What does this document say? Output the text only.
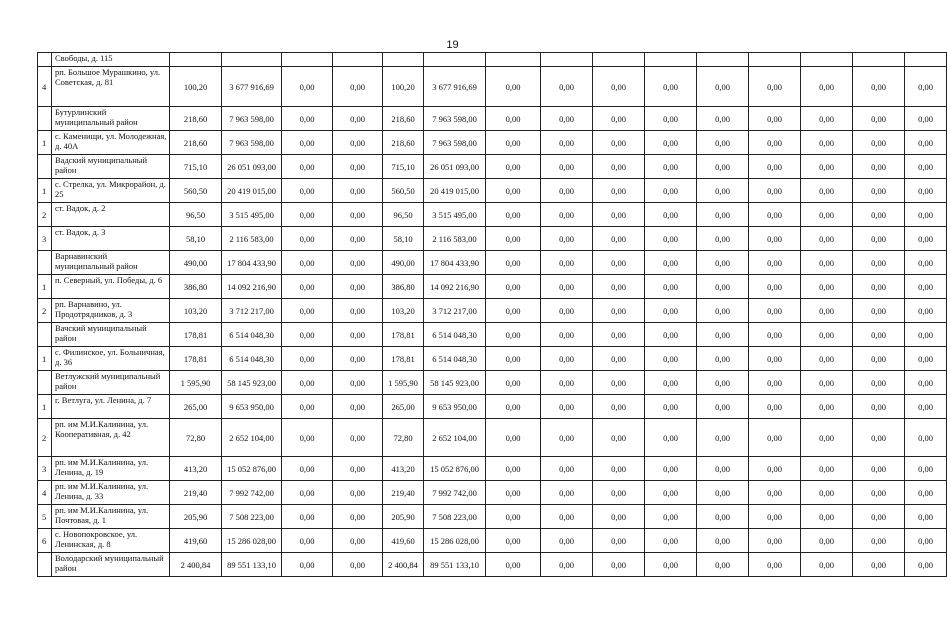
19
	Свободы, д. 115																
4	рп. Большое Мурашкино, ул. Советская, д. 81	100,20	3 677 916,69	0,00	0,00	100,20	3 677 916,69	0,00	0,00	0,00	0,00	0,00	0,00	0,00	0,00	0,00	
	Бутурлинский муниципальный район	218,60	7 963 598,00	0,00	0,00	218,60	7 963 598,00	0,00	0,00	0,00	0,00	0,00	0,00	0,00	0,00	0,00	
1	с. Каменищи, ул. Молодежная, д. 40А	218,60	7 963 598,00	0,00	0,00	218,60	7 963 598,00	0,00	0,00	0,00	0,00	0,00	0,00	0,00	0,00	0,00	
	Вадский муниципальный район	715,10	26 051 093,00	0,00	0,00	715,10	26 051 093,00	0,00	0,00	0,00	0,00	0,00	0,00	0,00	0,00	0,00	
1	с. Стрелка, ул. Микрорайон, д. 25	560,50	20 419 015,00	0,00	0,00	560,50	20 419 015,00	0,00	0,00	0,00	0,00	0,00	0,00	0,00	0,00	0,00	
2	ст. Вадок, д. 2	96,50	3 515 495,00	0,00	0,00	96,50	3 515 495,00	0,00	0,00	0,00	0,00	0,00	0,00	0,00	0,00	0,00	
3	ст. Вадок, д. 3	58,10	2 116 583,00	0,00	0,00	58,10	2 116 583,00	0,00	0,00	0,00	0,00	0,00	0,00	0,00	0,00	0,00	
	Варнавинский муниципальный район	490,00	17 804 433,90	0,00	0,00	490,00	17 804 433,90	0,00	0,00	0,00	0,00	0,00	0,00	0,00	0,00	0,00	
1	п. Северный, ул. Победы, д. 6	386,80	14 092 216,90	0,00	0,00	386,80	14 092 216,90	0,00	0,00	0,00	0,00	0,00	0,00	0,00	0,00	0,00	
2	рп. Варнавино, ул. Продотрядников, д. 3	103,20	3 712 217,00	0,00	0,00	103,20	3 712 217,00	0,00	0,00	0,00	0,00	0,00	0,00	0,00	0,00	0,00	
	Вачский муниципальный район	178,81	6 514 048,30	0,00	0,00	178,81	6 514 048,30	0,00	0,00	0,00	0,00	0,00	0,00	0,00	0,00	0,00	
1	с. Филинское, ул. Больничная, д. 36	178,81	6 514 048,30	0,00	0,00	178,81	6 514 048,30	0,00	0,00	0,00	0,00	0,00	0,00	0,00	0,00	0,00	
	Ветлужский муниципальный район	1 595,90	58 145 923,00	0,00	0,00	1 595,90	58 145 923,00	0,00	0,00	0,00	0,00	0,00	0,00	0,00	0,00	0,00	
1	г. Ветлуга, ул. Ленина, д. 7	265,00	9 653 950,00	0,00	0,00	265,00	9 653 950,00	0,00	0,00	0,00	0,00	0,00	0,00	0,00	0,00	0,00	
2	рп. им М.И.Калинина, ул. Кооперативная, д. 42	72,80	2 652 104,00	0,00	0,00	72,80	2 652 104,00	0,00	0,00	0,00	0,00	0,00	0,00	0,00	0,00	0,00	
3	рп. им М.И.Калинина, ул. Ленина, д. 19	413,20	15 052 876,00	0,00	0,00	413,20	15 052 876,00	0,00	0,00	0,00	0,00	0,00	0,00	0,00	0,00	0,00	
4	рп. им М.И.Калинина, ул. Ленина, д. 33	219,40	7 992 742,00	0,00	0,00	219,40	7 992 742,00	0,00	0,00	0,00	0,00	0,00	0,00	0,00	0,00	0,00	
5	рп. им М.И.Калинина, ул. Почтовая, д. 1	205,90	7 508 223,00	0,00	0,00	205,90	7 508 223,00	0,00	0,00	0,00	0,00	0,00	0,00	0,00	0,00	0,00	
6	с. Новопокровское, ул. Ленинская, д. 8	419,60	15 286 028,00	0,00	0,00	419,60	15 286 028,00	0,00	0,00	0,00	0,00	0,00	0,00	0,00	0,00	0,00	
	Володарский муниципальный район	2 400,84	89 551 133,10	0,00	0,00	2 400,84	89 551 133,10	0,00	0,00	0,00	0,00	0,00	0,00	0,00	0,00	0,00	
